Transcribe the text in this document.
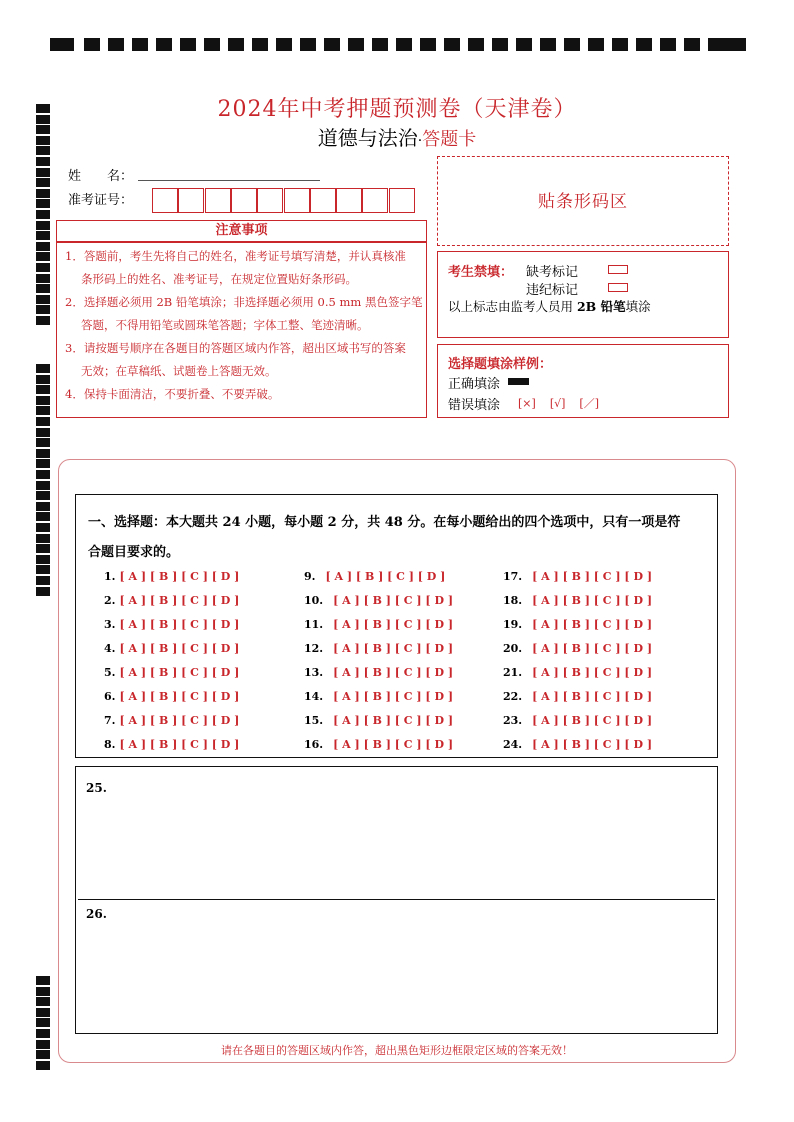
2024年中考押题预测卷（天津卷）
道德与法治·答题卡
姓　　名：
准考证号：	贴条形码区
注意事项
1．答题前，考生先将自己的姓名，准考证号填写清楚，并认真核准
条形码上的姓名、准考证号，在规定位置贴好条形码。
2．选择题必须用 2B 铅笔填涂；非选择题必须用 0.5 mm 黑色签字笔
答题，不得用铅笔或圆珠笔答题；字体工整、笔迹清晰。
3．请按题号顺序在各题目的答题区域内作答，超出区域书写的答案
无效；在草稿纸、试题卷上答题无效。
4．保持卡面清洁，不要折叠、不要弄破。
考生禁填： 缺考标记
违纪标记
以上标志由监考人员用 2B 铅笔填涂
选择题填涂样例：
正确填涂
错误填涂 [×] [√] [／]
一、选择题：本大题共 24 小题，每小题 2 分，共 48 分。在每小题给出的四个选项中，只有一项是符
合题目要求的。
1. [ A ] [ B ] [ C ] [ D ]
2. [ A ] [ B ] [ C ] [ D ]
3. [ A ] [ B ] [ C ] [ D ]
4. [ A ] [ B ] [ C ] [ D ]
5. [ A ] [ B ] [ C ] [ D ]
6. [ A ] [ B ] [ C ] [ D ]
7. [ A ] [ B ] [ C ] [ D ]
8. [ A ] [ B ] [ C ] [ D ]
9. [ A ] [ B ] [ C ] [ D ]
10. [ A ] [ B ] [ C ] [ D ]
11. [ A ] [ B ] [ C ] [ D ]
12. [ A ] [ B ] [ C ] [ D ]
13. [ A ] [ B ] [ C ] [ D ]
14. [ A ] [ B ] [ C ] [ D ]
15. [ A ] [ B ] [ C ] [ D ]
16. [ A ] [ B ] [ C ] [ D ]
17. [ A ] [ B ] [ C ] [ D ]
18. [ A ] [ B ] [ C ] [ D ]
19. [ A ] [ B ] [ C ] [ D ]
20. [ A ] [ B ] [ C ] [ D ]
21. [ A ] [ B ] [ C ] [ D ]
22. [ A ] [ B ] [ C ] [ D ]
23. [ A ] [ B ] [ C ] [ D ]
24. [ A ] [ B ] [ C ] [ D ]
25.
26.
请在各题目的答题区域内作答，超出黑色矩形边框限定区域的答案无效！
